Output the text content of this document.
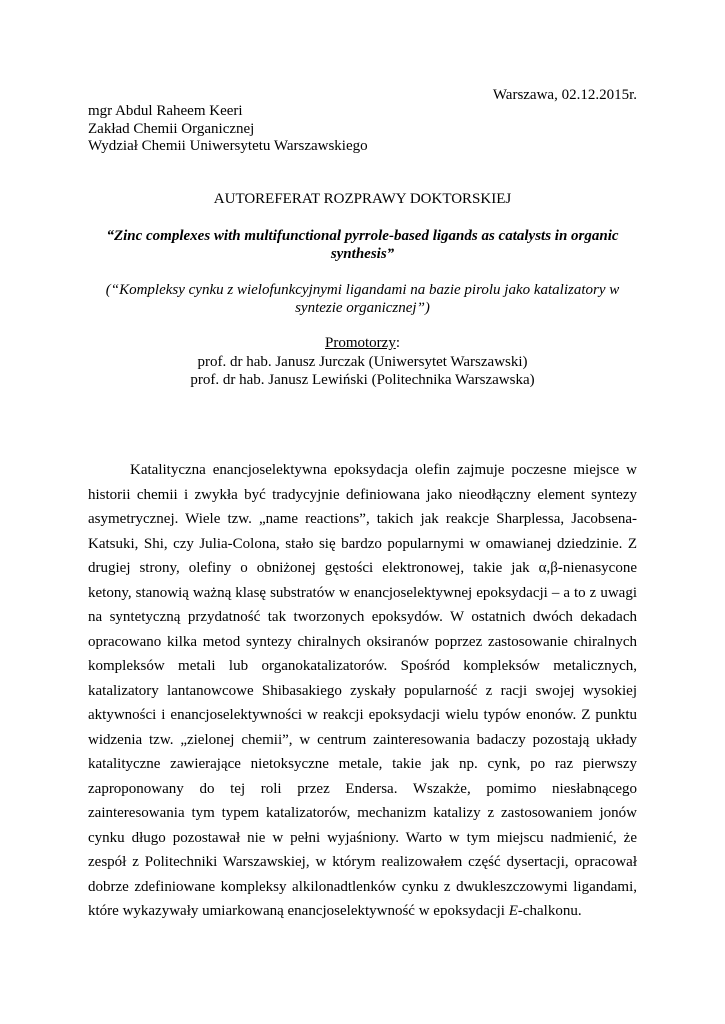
Warszawa, 02.12.2015r.
mgr Abdul Raheem Keeri
Zakład Chemii Organicznej
Wydział Chemii Uniwersytetu Warszawskiego
AUTOREFERAT ROZPRAWY DOKTORSKIEJ
“Zinc complexes with multifunctional pyrrole-based ligands as catalysts in organic synthesis”
(“Kompleksy cynku z wielofunkcyjnymi ligandami na bazie pirolu jako katalizatory w syntezie organicznej”)
Promotorzy:
prof. dr hab. Janusz Jurczak (Uniwersytet Warszawski)
prof. dr hab. Janusz Lewiński (Politechnika Warszawska)

Katalityczna enancjoselektywna epoksydacja olefin zajmuje poczesne miejsce w historii chemii i zwykła być tradycyjnie definiowana jako nieodłączny element syntezy asymetrycznej. Wiele tzw. „name reactions”, takich jak reakcje Sharplessa, Jacobsena-Katsuki, Shi, czy Julia-Colona, stało się bardzo popularnymi w omawianej dziedzinie. Z drugiej strony, olefiny o obniżonej gęstości elektronowej, takie jak α,β-nienasycone ketony, stanowią ważną klasę substratów w enancjoselektywnej epoksydacji – a to z uwagi na syntetyczną przydatność tak tworzonych epoksydów. W ostatnich dwóch dekadach opracowano kilka metod syntezy chiralnych oksiranów poprzez zastosowanie chiralnych kompleksów metali lub organokatalizatorów. Spośród kompleksów metalicznych, katalizatory lantanowcowe Shibasakiego zyskały popularność z racji swojej wysokiej aktywności i enancjoselektywności w reakcji epoksydacji wielu typów enonów. Z punktu widzenia tzw. „zielonej chemii”, w centrum zainteresowania badaczy pozostają układy katalityczne zawierające nietoksyczne metale, takie jak np. cynk, po raz pierwszy zaproponowany do tej roli przez Endersa. Wszakże, pomimo niesłabnącego zainteresowania tym typem katalizatorów, mechanizm katalizy z zastosowaniem jonów cynku długo pozostawał nie w pełni wyjaśniony. Warto w tym miejscu nadmienić, że zespół z Politechniki Warszawskiej, w którym realizowałem część dysertacji, opracował dobrze zdefiniowane kompleksy alkilonadtlenków cynku z dwukleszczowymi ligandami, które wykazywały umiarkowaną enancjoselektywność w epoksydacji E-chalkonu.
